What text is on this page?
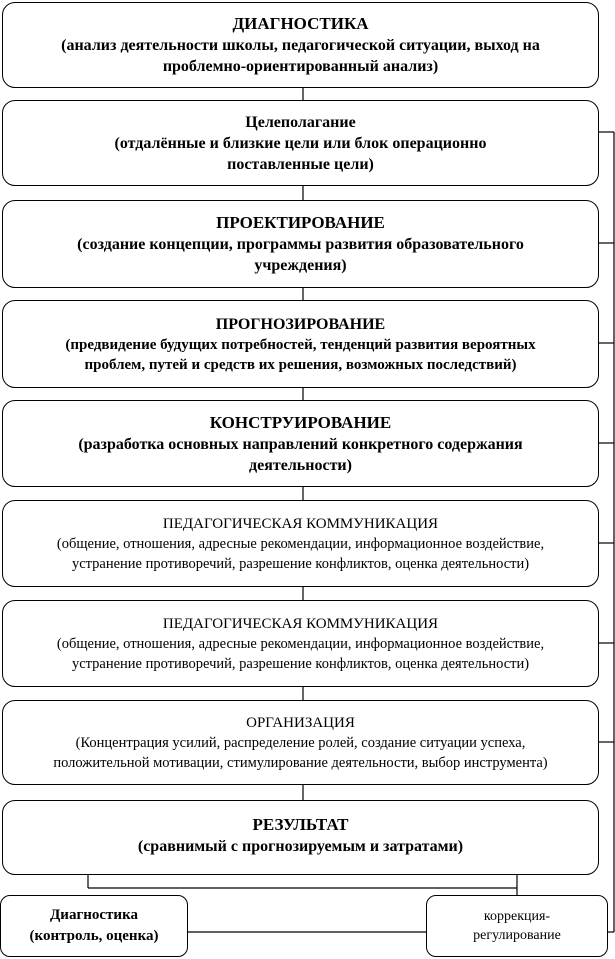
ДИАГНОСТИКА
(анализ деятельности школы, педагогической ситуации, выход на
проблемно-ориентированный анализ)
Целеполагание
(отдалённые и близкие цели или блок операционно
поставленные цели)
ПРОЕКТИРОВАНИЕ
(создание концепции, программы развития образовательного
учреждения)
ПРОГНОЗИРОВАНИЕ
(предвидение будущих потребностей, тенденций развития вероятных
проблем, путей и средств их решения, возможных последствий)
КОНСТРУИРОВАНИЕ
(разработка основных направлений конкретного содержания
деятельности)
ПЕДАГОГИЧЕСКАЯ КОММУНИКАЦИЯ
(общение, отношения, адресные рекомендации, информационное воздействие,
устранение противоречий, разрешение конфликтов, оценка деятельности)
ПЕДАГОГИЧЕСКАЯ КОММУНИКАЦИЯ
(общение, отношения, адресные рекомендации, информационное воздействие,
устранение противоречий, разрешение конфликтов, оценка деятельности)
ОРГАНИЗАЦИЯ
(Концентрация усилий, распределение ролей, создание ситуации успеха,
положительной мотивации, стимулирование деятельности, выбор инструмента)
РЕЗУЛЬТАТ
(сравнимый с прогнозируемым и затратами)
Диагностика
(контроль, оценка)
коррекция-
регулирование
